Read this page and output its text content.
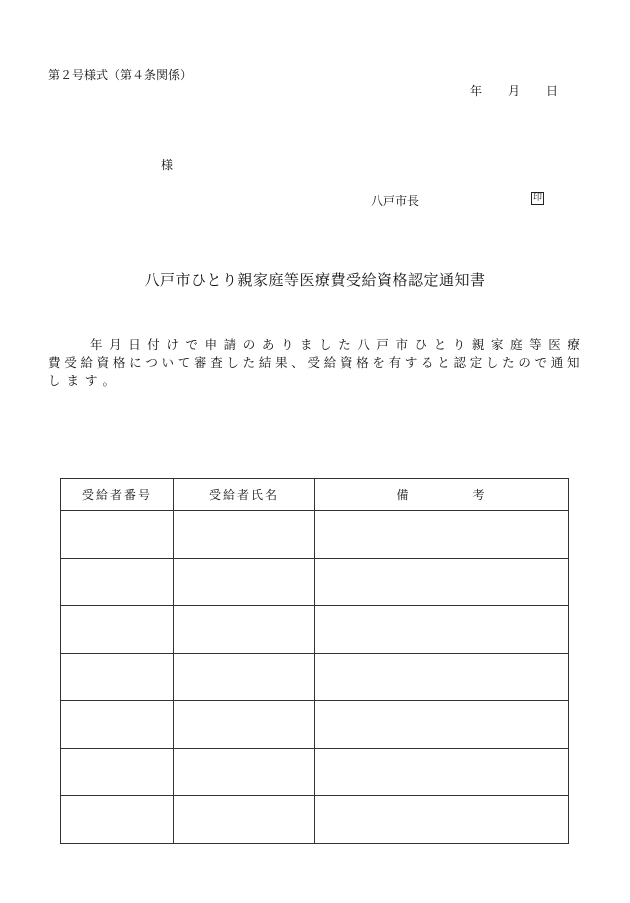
第２号様式（第４条関係）
年 月 日
様
八戸市長	印
八戸市ひとり親家庭等医療費受給資格認定通知書
年 月 日 付 け で 申 請 の あ り ま し た 八 戸 市 ひ と り 親 家 庭 等 医 療
費 受 給 資 格 に つ い て 審 査 し た 結 果 、 受 給 資 格 を 有 す る と 認 定 し た の で 通 知
します。
受給者番号	受給者氏名	備 考
